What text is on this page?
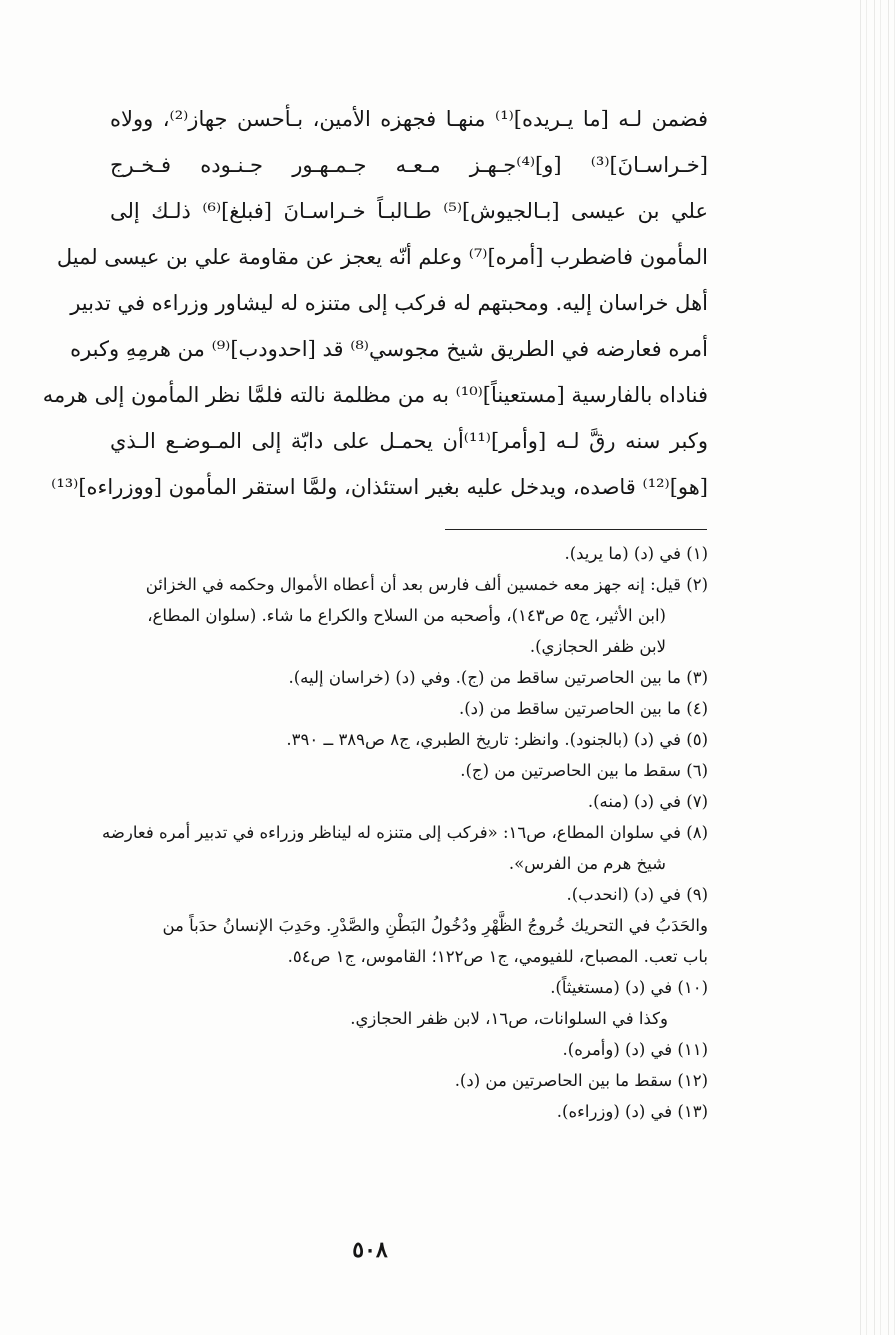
فضمن لـه [ما يـريده]⁽¹⁾ منهـا فجهزه الأمين، بـأحسن جهاز⁽²⁾، وولاه
[خـراسـانَ]⁽³⁾ [و]⁽⁴⁾جـهـز مـعـه جـمـهـور جـنـوده فـخـرج
علي بن عيسى [بـالجيوش]⁽⁵⁾ طـالبـاً خـراسـانَ [فبلغ]⁽⁶⁾ ذلـك إلى
المأمون فاضطرب [أمره]⁽⁷⁾ وعلم أنّه يعجز عن مقاومة علي بن عيسى لميل
أهل خراسان إليه. ومحبتهم له فركب إلى متنزه له ليشاور وزراءه في تدبير
أمره فعارضه في الطريق شيخ مجوسي⁽⁸⁾ قد [احدودب]⁽⁹⁾ من هرمِهِ وكبره
فناداه بالفارسية [مستعيناً]⁽¹⁰⁾ به من مظلمة نالته فلمَّا نظر المأمون إلى هرمه
وكبر سنه رقَّ لـه [وأمر]⁽¹¹⁾أن يحمـل على دابّة إلى المـوضـع الـذي
[هو]⁽¹²⁾ قاصده، ويدخل عليه بغير استئذان، ولمَّا استقر المأمون [ووزراءه]⁽¹³⁾
(١) في (د) (ما يريد).
(٢) قيل: إنه جهز معه خمسين ألف فارس بعد أن أعطاه الأموال وحكمه في الخزائن
(ابن الأثير، ج٥ ص١٤٣)، وأصحبه من السلاح والكراع ما شاء. (سلوان المطاع،
لابن ظفر الحجازي).
(٣) ما بين الحاصرتين ساقط من (ج). وفي (د) (خراسان إليه).
(٤) ما بين الحاصرتين ساقط من (د).
(٥) في (د) (بالجنود). وانظر: تاريخ الطبري، ج٨ ص٣٨٩ ــ ٣٩٠.
(٦) سقط ما بين الحاصرتين من (ج).
(٧) في (د) (منه).
(٨) في سلوان المطاع، ص١٦: «فركب إلى متنزه له ليناظر وزراءه في تدبير أمره فعارضه
شيخ هرم من الفرس».
(٩) في (د) (انحدب).
والحَدَبُ في التحريك خُروجُ الظَّهْرِ ودُخُولُ البَطْنِ والصَّدْرِ. وحَدِبَ الإنسانُ حدَباً من
باب تعب. المصباح، للفيومي، ج١ ص١٢٢؛ القاموس، ج١ ص٥٤.
(١٠) في (د) (مستغيثاً).
وكذا في السلوانات، ص١٦، لابن ظفر الحجازي.
(١١) في (د) (وأمره).
(١٢) سقط ما بين الحاصرتين من (د).
(١٣) في (د) (وزراءه).
٥٠٨
